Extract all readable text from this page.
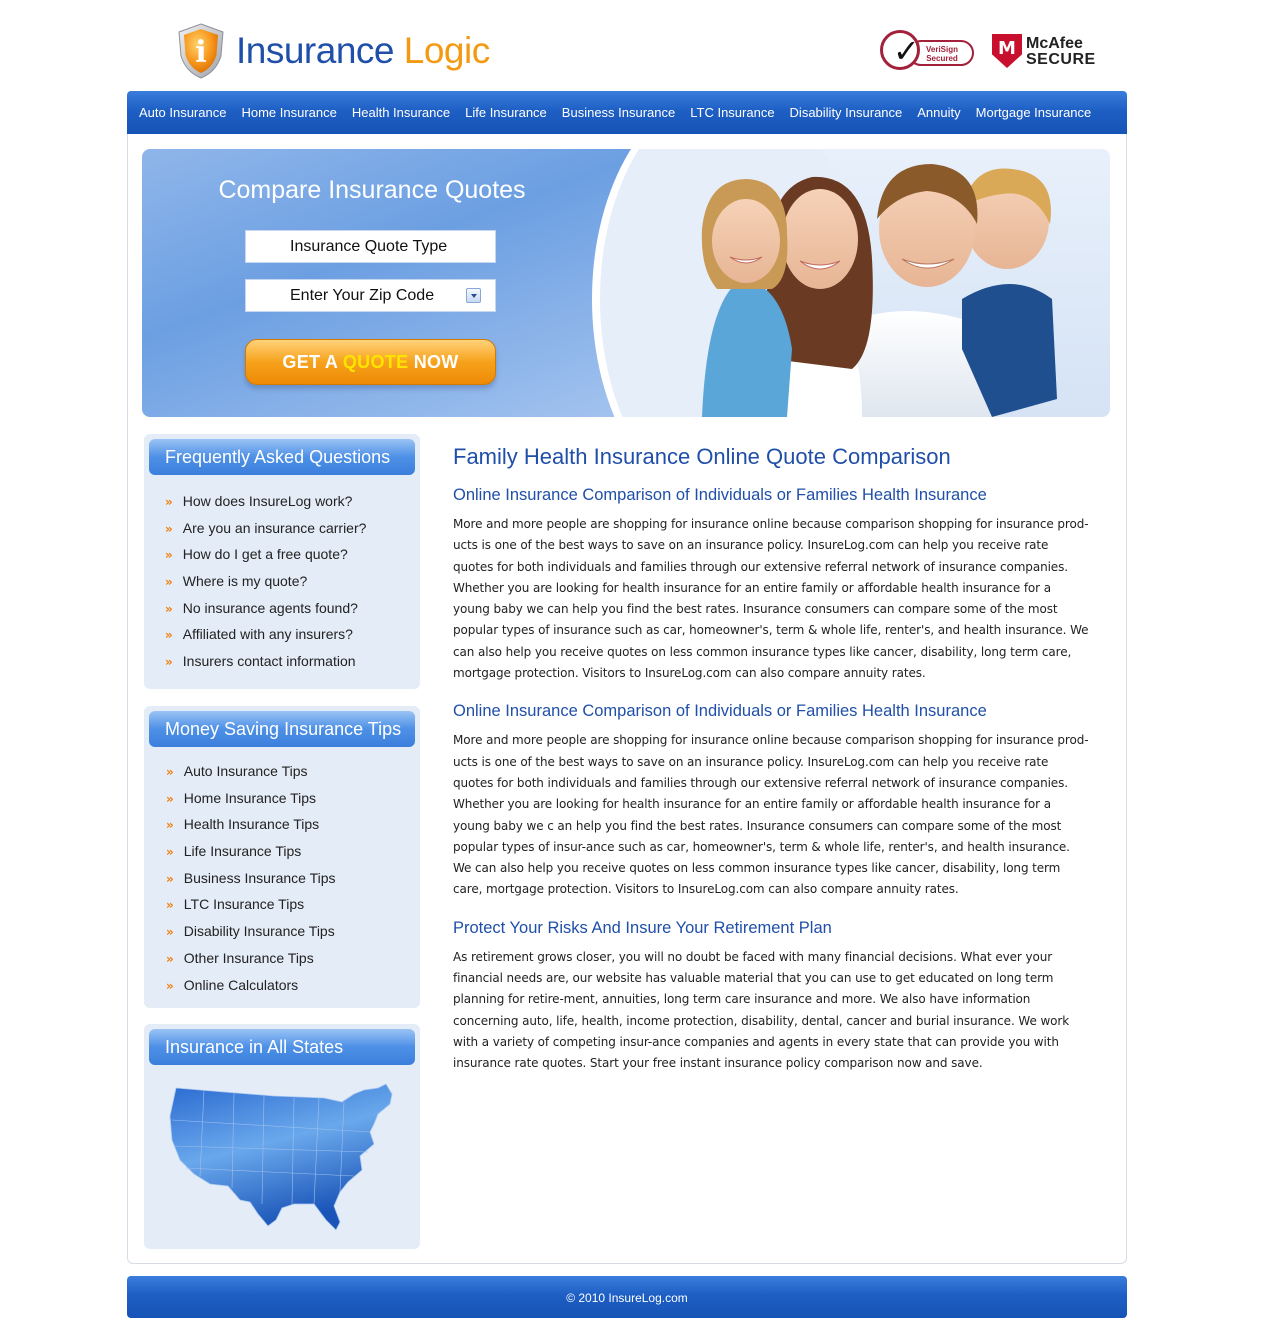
i Insurance Logic	VeriSign
Secured
✓	M McAfee
SECURE
Auto Insurance Home Insurance Health Insurance Life Insurance Business Insurance LTC Insurance Disability Insurance Annuity Mortgage Insurance
Compare Insurance Quotes
Insurance Quote Type
Enter Your Zip Code
GET A QUOTE NOW
Frequently Asked Questions
» How does InsureLog work?
» Are you an insurance carrier?
» How do I get a free quote?
» Where is my quote?
» No insurance agents found?
» Affiliated with any insurers?
» Insurers contact information
Money Saving Insurance Tips
» Auto Insurance Tips
» Home Insurance Tips
» Health Insurance Tips
» Life Insurance Tips
» Business Insurance Tips
» LTC Insurance Tips
» Disability Insurance Tips
» Other Insurance Tips
» Online Calculators
Insurance in All States
Family Health Insurance Online Quote Comparison
Online Insurance Comparison of Individuals or Families Health Insurance
More and more people are shopping for insurance online because comparison shopping for insurance prod-ucts is one of the best ways to save on an insurance policy. InsureLog.com can help you receive rate quotes for both individuals and families through our extensive referral network of insurance companies. Whether you are looking for health insurance for an entire family or affordable health insurance for a young baby we can help you find the best rates. Insurance consumers can compare some of the most popular types of insurance such as car, homeowner's, term & whole life, renter's, and health insurance. We can also help you receive quotes on less common insurance types like cancer, disability, long term care, mortgage protection. Visitors to InsureLog.com can also compare annuity rates.
Online Insurance Comparison of Individuals or Families Health Insurance
More and more people are shopping for insurance online because comparison shopping for insurance prod-ucts is one of the best ways to save on an insurance policy. InsureLog.com can help you receive rate quotes for both individuals and families through our extensive referral network of insurance companies. Whether you are looking for health insurance for an entire family or affordable health insurance for a young baby we c an help you find the best rates. Insurance consumers can compare some of the most popular types of insur-ance such as car, homeowner's, term & whole life, renter's, and health insurance. We can also help you receive quotes on less common insurance types like cancer, disability, long term care, mortgage protection. Visitors to InsureLog.com can also compare annuity rates.
Protect Your Risks And Insure Your Retirement Plan
As retirement grows closer, you will no doubt be faced with many financial decisions. What ever your financial needs are, our website has valuable material that you can use to get educated on long term planning for retire-ment, annuities, long term care insurance and more. We also have information concerning auto, life, health, income protection, disability, dental, cancer and burial insurance. We work with a variety of competing insur-ance companies and agents in every state that can provide you with insurance rate quotes. Start your free instant insurance policy comparison now and save.
© 2010 InsureLog.com
